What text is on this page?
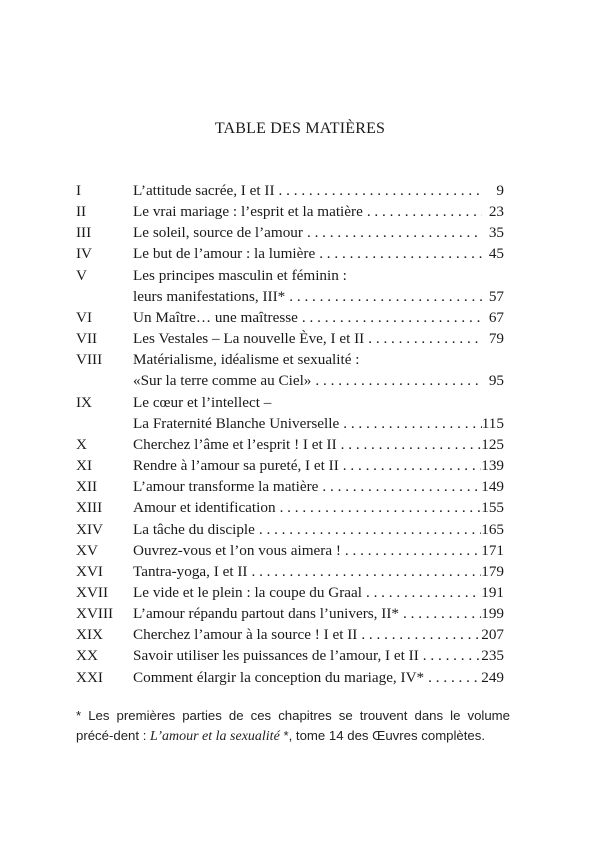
TABLE DES MATIÈRES
I	L’attitude sacrée, I et II . . .	9
II	Le vrai mariage : l’esprit et la matière . . .	23
III	Le soleil, source de l’amour . . .	35
IV	Le but de l’amour : la lumière . . .	45
V	Les principes masculin et féminin :
leurs manifestations, III* . . .	57
VI	Un Maître… une maîtresse . . .	67
VII	Les Vestales – La nouvelle Ève, I et II . . .	79
VIII	Matérialisme, idéalisme et sexualité :
«Sur la terre comme au Ciel» . . .	95
IX	Le cœur et l’intellect –
La Fraternité Blanche Universelle . . .	115
X	Cherchez l’âme et l’esprit ! I et II . . .	125
XI	Rendre à l’amour sa pureté, I et II . . .	139
XII	L’amour transforme la matière . . .	149
XIII	Amour et identification . . .	155
XIV	La tâche du disciple . . .	165
XV	Ouvrez-vous et l’on vous aimera ! . . .	171
XVI	Tantra-yoga, I et II . . .	179
XVII	Le vide et le plein : la coupe du Graal . . .	191
XVIII	L’amour répandu partout dans l’univers, II* . . .	199
XIX	Cherchez l’amour à la source ! I et II . . .	207
XX	Savoir utiliser les puissances de l’amour, I et II . . .	235
XXI	Comment élargir la conception du mariage, IV* . . .	249
* Les premières parties de ces chapitres se trouvent dans le volume précé-dent : L’amour et la sexualité *, tome 14 des Œuvres complètes.
